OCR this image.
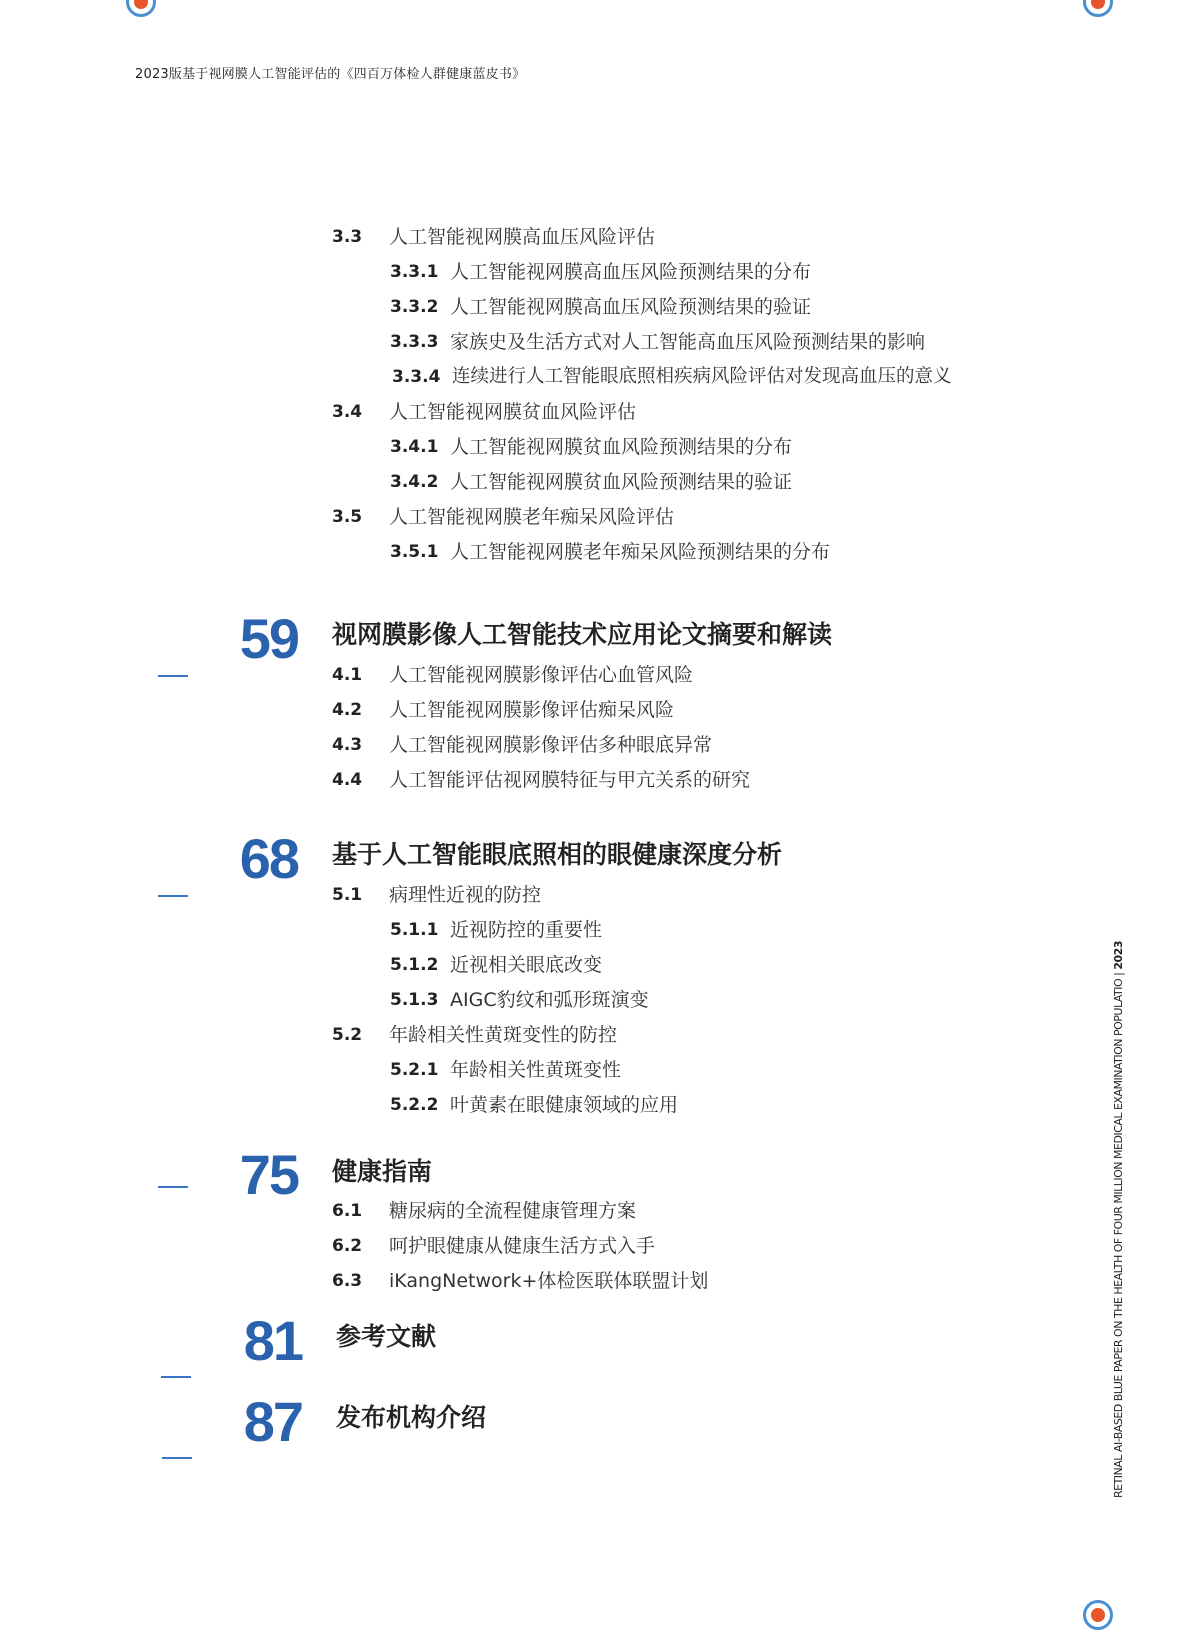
2023版基于视网膜人工智能评估的《四百万体检人群健康蓝皮书》
3.3 人工智能视网膜高血压风险评估
3.3.1 人工智能视网膜高血压风险预测结果的分布
3.3.2 人工智能视网膜高血压风险预测结果的验证
3.3.3 家族史及生活方式对人工智能高血压风险预测结果的影响
3.3.4 连续进行人工智能眼底照相疾病风险评估对发现高血压的意义
3.4 人工智能视网膜贫血风险评估
3.4.1 人工智能视网膜贫血风险预测结果的分布
3.4.2 人工智能视网膜贫血风险预测结果的验证
3.5 人工智能视网膜老年痴呆风险评估
3.5.1 人工智能视网膜老年痴呆风险预测结果的分布
59 视网膜影像人工智能技术应用论文摘要和解读
4.1 人工智能视网膜影像评估心血管风险
4.2 人工智能视网膜影像评估痴呆风险
4.3 人工智能视网膜影像评估多种眼底异常
4.4 人工智能评估视网膜特征与甲亢关系的研究
68 基于人工智能眼底照相的眼健康深度分析
5.1 病理性近视的防控
5.1.1 近视防控的重要性
5.1.2 近视相关眼底改变
5.1.3 AIGC豹纹和弧形斑演变
5.2 年龄相关性黄斑变性的防控
5.2.1 年龄相关性黄斑变性
5.2.2 叶黄素在眼健康领域的应用
75 健康指南
6.1 糖尿病的全流程健康管理方案
6.2 呵护眼健康从健康生活方式入手
6.3 iKangNetwork+体检医联体联盟计划
81 参考文献
87 发布机构介绍	RETINAL AI-BASED BLUE PAPER ON THE HEALTH OF FOUR MILLION MEDICAL EXAMINATION POPULATIO | 2023
